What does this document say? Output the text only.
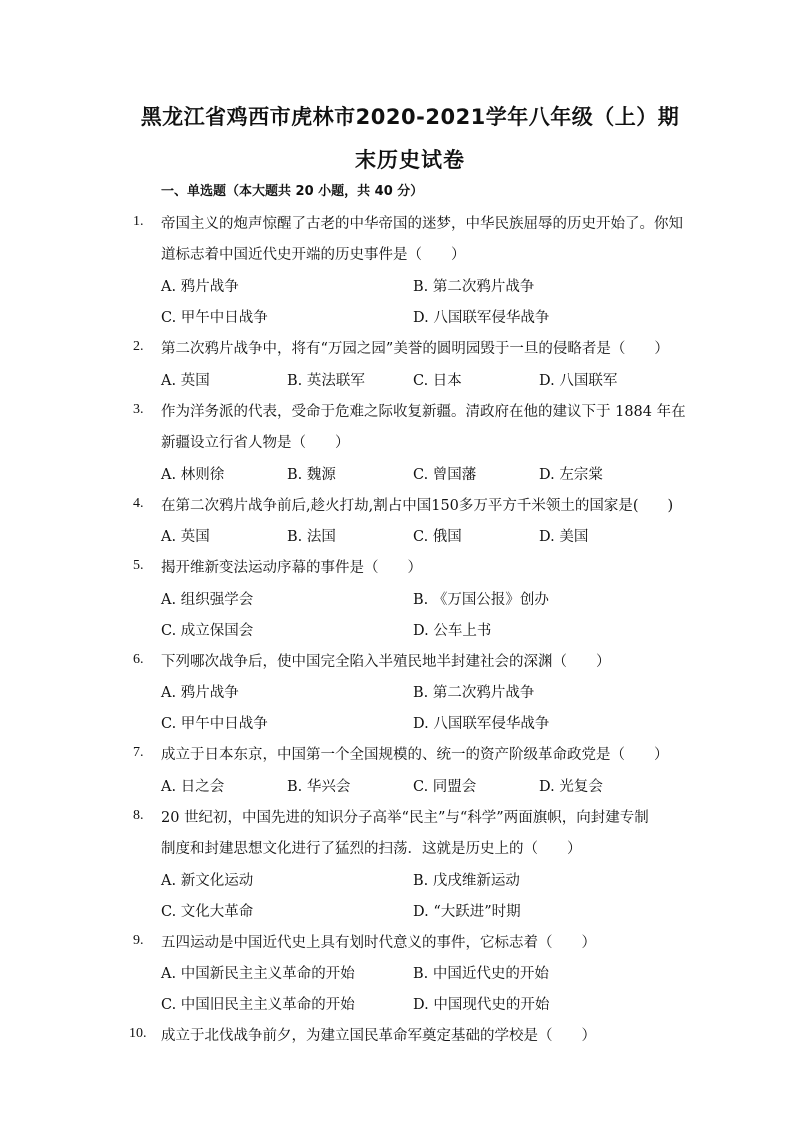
黑龙江省鸡西市虎林市2020-2021学年八年级（上）期
末历史试卷
一、单选题（本大题共 20 小题，共 40 分）
1. 帝国主义的炮声惊醒了古老的中华帝国的迷梦，中华民族屈辱的历史开始了。你知
道标志着中国近代史开端的历史事件是（　　）
A. 鸦片战争	B. 第二次鸦片战争
C. 甲午中日战争	D. 八国联军侵华战争
2. 第二次鸦片战争中，将有“万园之园”美誉的圆明园毁于一旦的侵略者是（　　）
A. 英国	B. 英法联军	C. 日本	D. 八国联军
3. 作为洋务派的代表，受命于危难之际收复新疆。清政府在他的建议下于 1884 年在
新疆设立行省人物是（　　）
A. 林则徐	B. 魏源	C. 曾国藩	D. 左宗棠
4. 在第二次鸦片战争前后,趁火打劫,割占中国150多万平方千米领土的国家是(　　)
A. 英国	B. 法国	C. 俄国	D. 美国
5. 揭开维新变法运动序幕的事件是（　　）
A. 组织强学会	B. 《万国公报》创办
C. 成立保国会	D. 公车上书
6. 下列哪次战争后，使中国完全陷入半殖民地半封建社会的深渊（　　）
A. 鸦片战争	B. 第二次鸦片战争
C. 甲午中日战争	D. 八国联军侵华战争
7. 成立于日本东京，中国第一个全国规模的、统一的资产阶级革命政党是（　　）
A. 日之会	B. 华兴会	C. 同盟会	D. 光复会
8. 20 世纪初，中国先进的知识分子高举“民主”与“科学”两面旗帜，向封建专制
制度和封建思想文化进行了猛烈的扫荡．这就是历史上的（　　）
A. 新文化运动	B. 戊戌维新运动
C. 文化大革命	D. “大跃进”时期
9. 五四运动是中国近代史上具有划时代意义的事件，它标志着（　　）
A. 中国新民主主义革命的开始	B. 中国近代史的开始
C. 中国旧民主主义革命的开始	D. 中国现代史的开始
10. 成立于北伐战争前夕，为建立国民革命军奠定基础的学校是（　　）
